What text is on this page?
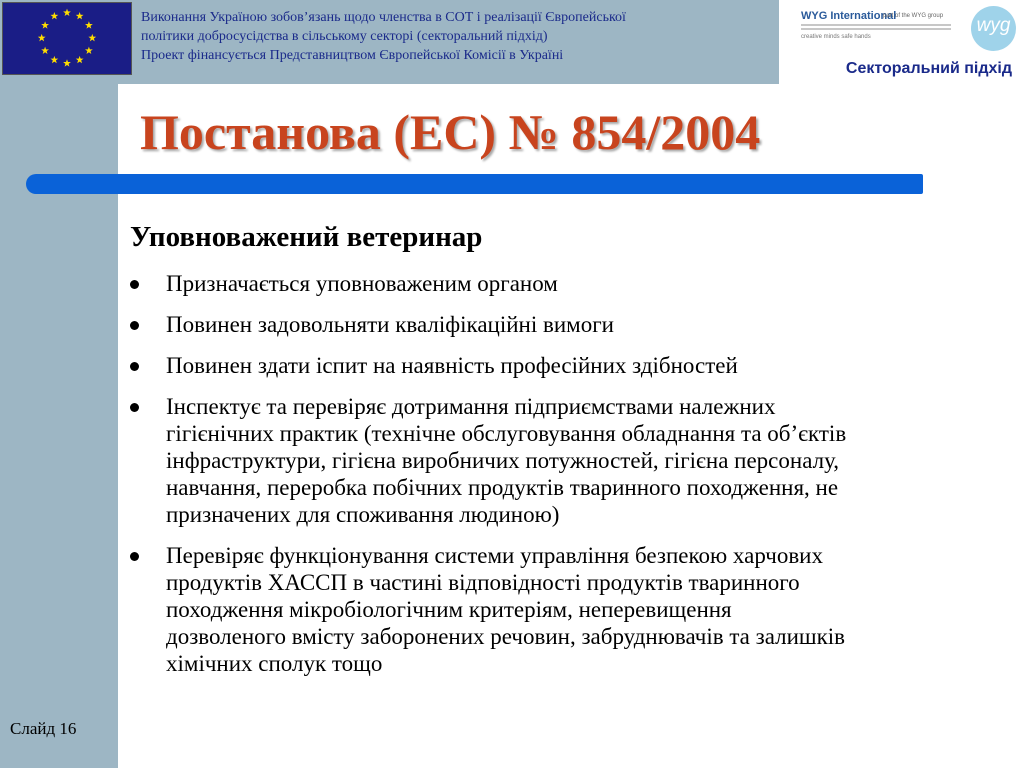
Виконання Україною зобов’язань щодо членства в СОТ і реалізації Європейської
політики добросусідства в сільському секторі (секторальний підхід)
Проект фінансується Представництвом Європейської Комісії в Україні
WYG International
part of the WYG group
creative minds safe hands
wyg
Секторальний підхід
Постанова (ЕС) № 854/2004
Уповноважений ветеринар
Призначається уповноваженим органом
Повинен задовольняти кваліфікаційні вимоги
Повинен здати іспит на наявність професійних здібностей
Інспектує та перевіряє дотримання підприємствами належних
гігієнічних практик (технічне обслуговування обладнання та об’єктів
інфраструктури, гігієна виробничих потужностей, гігієна персоналу,
навчання, переробка побічних продуктів тваринного походження, не
призначених для споживання людиною)
Перевіряє функціонування системи управління безпекою харчових
продуктів ХАССП в частині відповідності продуктів тваринного
походження мікробіологічним критеріям, неперевищення
дозволеного вмісту заборонених речовин, забруднювачів та залишків
хімічних сполук тощо
Слайд 16
